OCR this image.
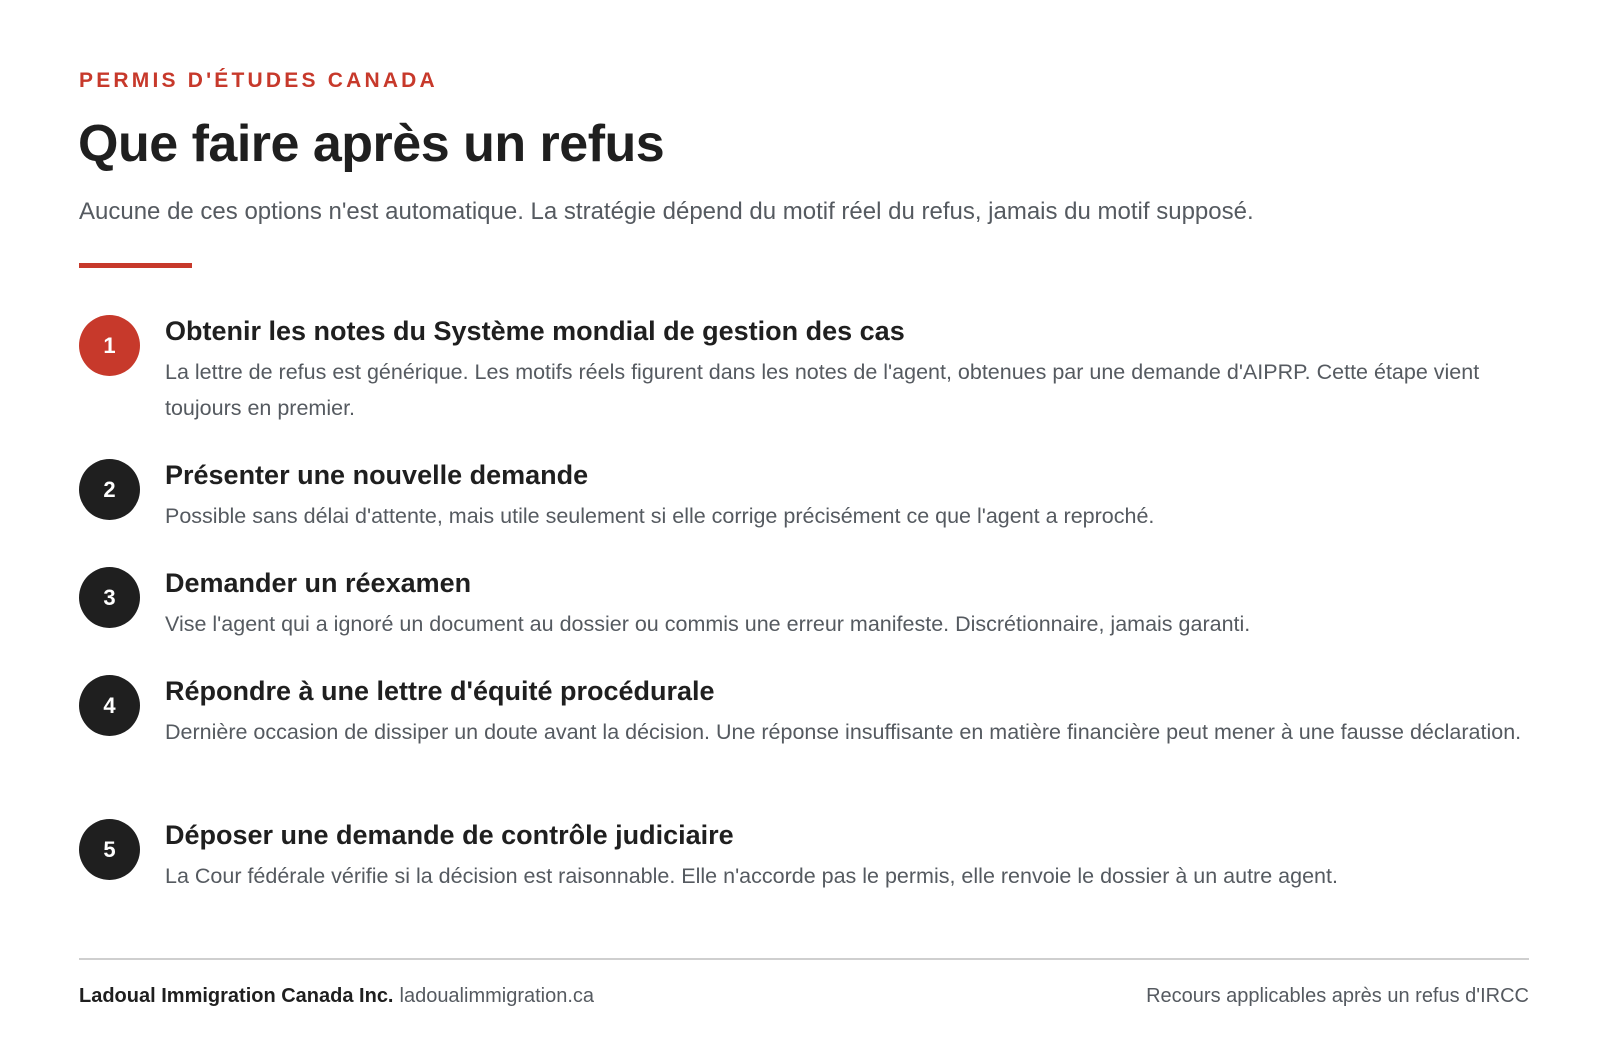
PERMIS D'ÉTUDES CANADA
Que faire après un refus

Aucune de ces options n'est automatique. La stratégie dépend du motif réel du refus, jamais du motif supposé.

1	Obtenir les notes du Système mondial de gestion des cas

La lettre de refus est générique. Les motifs réels figurent dans les notes de l'agent, obtenues par une demande d'AIPRP. Cette étape vient toujours en premier.

2	Présenter une nouvelle demande

Possible sans délai d'attente, mais utile seulement si elle corrige précisément ce que l'agent a reproché.

3	Demander un réexamen

Vise l'agent qui a ignoré un document au dossier ou commis une erreur manifeste. Discrétionnaire, jamais garanti.

4	Répondre à une lettre d'équité procédurale

Dernière occasion de dissiper un doute avant la décision. Une réponse insuffisante en matière financière peut mener à une fausse déclaration.

5	Déposer une demande de contrôle judiciaire

La Cour fédérale vérifie si la décision est raisonnable. Elle n'accorde pas le permis, elle renvoie le dossier à un autre agent.

Ladoual Immigration Canada Inc. ladoualimmigration.ca	Recours applicables après un refus d'IRCC
